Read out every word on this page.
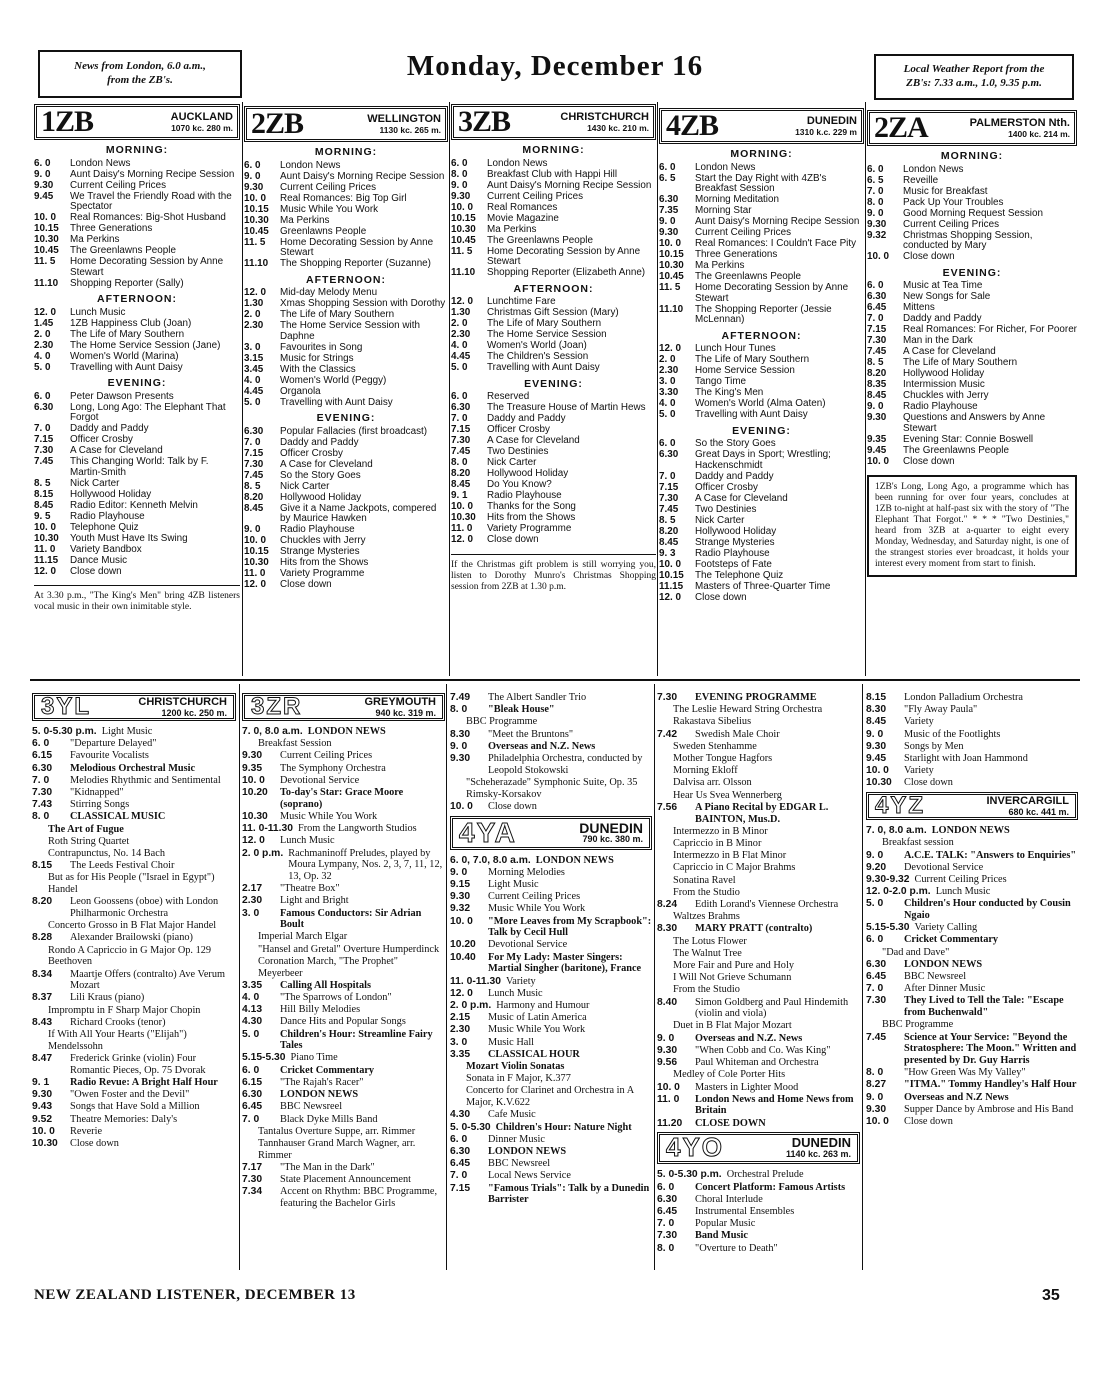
News from London, 6.0 a.m.,
from the ZB's.	Monday, December 16	Local Weather Report from the
ZB's: 7.33 a.m., 1.0, 9.35 p.m.
1ZB	AUCKLAND
1070 kc. 280 m.
MORNING:
6. 0	London News
9. 0	Aunt Daisy's Morning Recipe Session
9.30	Current Ceiling Prices
9.45	We Travel the Friendly Road with the Spectator
10. 0	Real Romances: Big-Shot Husband
10.15	Three Generations
10.30	Ma Perkins
10.45	The Greenlawns People
11. 5	Home Decorating Session by Anne Stewart
11.10	Shopping Reporter (Sally)
AFTERNOON:
12. 0	Lunch Music
1.45	1ZB Happiness Club (Joan)
2. 0	The Life of Mary Southern
2.30	The Home Service Session (Jane)
4. 0	Women's World (Marina)
5. 0	Travelling with Aunt Daisy
EVENING:
6. 0	Peter Dawson Presents
6.30	Long, Long Ago: The Elephant That Forgot
7. 0	Daddy and Paddy
7.15	Officer Crosby
7.30	A Case for Cleveland
7.45	This Changing World: Talk by F. Martin-Smith
8. 5	Nick Carter
8.15	Hollywood Holiday
8.45	Radio Editor: Kenneth Melvin
9. 5	Radio Playhouse
10. 0	Telephone Quiz
10.30	Youth Must Have Its Swing
11. 0	Variety Bandbox
11.15	Dance Music
12. 0	Close down
At 3.30 p.m., "The King's Men" bring 4ZB listeners vocal music in their own inimitable style.
2ZB	WELLINGTON
1130 kc. 265 m.
MORNING:
6. 0	London News
9. 0	Aunt Daisy's Morning Recipe Session
9.30	Current Ceiling Prices
10. 0	Real Romances: Big Top Girl
10.15	Music While You Work
10.30	Ma Perkins
10.45	Greenlawns People
11. 5	Home Decorating Session by Anne Stewart
11.10	The Shopping Reporter (Suzanne)
AFTERNOON:
12. 0	Mid-day Melody Menu
1.30	Xmas Shopping Session with Dorothy
2. 0	The Life of Mary Southern
2.30	The Home Service Session with Daphne
3. 0	Favourites in Song
3.15	Music for Strings
3.45	With the Classics
4. 0	Women's World (Peggy)
4.45	Organola
5. 0	Travelling with Aunt Daisy
EVENING:
6.30	Popular Fallacies (first broadcast)
7. 0	Daddy and Paddy
7.15	Officer Crosby
7.30	A Case for Cleveland
7.45	So the Story Goes
8. 5	Nick Carter
8.20	Hollywood Holiday
8.45	Give it a Name Jackpots, compered by Maurice Hawken
9. 0	Radio Playhouse
10. 0	Chuckles with Jerry
10.15	Strange Mysteries
10.30	Hits from the Shows
11. 0	Variety Programme
12. 0	Close down
3ZB	CHRISTCHURCH
1430 kc. 210 m.
MORNING:
6. 0	London News
8. 0	Breakfast Club with Happi Hill
9. 0	Aunt Daisy's Morning Recipe Session
9.30	Current Ceiling Prices
10. 0	Real Romances
10.15	Movie Magazine
10.30	Ma Perkins
10.45	The Greenlawns People
11. 5	Home Decorating Session by Anne Stewart
11.10	Shopping Reporter (Elizabeth Anne)
AFTERNOON:
12. 0	Lunchtime Fare
1.30	Christmas Gift Session (Mary)
2. 0	The Life of Mary Southern
2.30	The Home Service Session
4. 0	Women's World (Joan)
4.45	The Children's Session
5. 0	Travelling with Aunt Daisy
EVENING:
6. 0	Reserved
6.30	The Treasure House of Martin Hews
7. 0	Daddy and Paddy
7.15	Officer Crosby
7.30	A Case for Cleveland
7.45	Two Destinies
8. 0	Nick Carter
8.20	Hollywood Holiday
8.45	Do You Know?
9. 1	Radio Playhouse
10. 0	Thanks for the Song
10.30	Hits from the Shows
11. 0	Variety Programme
12. 0	Close down
If the Christmas gift problem is still worrying you, listen to Dorothy Munro's Christmas Shopping session from 2ZB at 1.30 p.m.
4ZB	DUNEDIN
1310 k.c. 229 m
MORNING:
6. 0	London News
6. 5	Start the Day Right with 4ZB's Breakfast Session
6.30	Morning Meditation
7.35	Morning Star
9. 0	Aunt Daisy's Morning Recipe Session
9.30	Current Ceiling Prices
10. 0	Real Romances: I Couldn't Face Pity
10.15	Three Generations
10.30	Ma Perkins
10.45	The Greenlawns People
11. 5	Home Decorating Session by Anne Stewart
11.10	The Shopping Reporter (Jessie McLennan)
AFTERNOON:
12. 0	Lunch Hour Tunes
2. 0	The Life of Mary Southern
2.30	Home Service Session
3. 0	Tango Time
3.30	The King's Men
4. 0	Women's World (Alma Oaten)
5. 0	Travelling with Aunt Daisy
EVENING:
6. 0	So the Story Goes
6.30	Great Days in Sport; Wrestling; Hackenschmidt
7. 0	Daddy and Paddy
7.15	Officer Crosby
7.30	A Case for Cleveland
7.45	Two Destinies
8. 5	Nick Carter
8.20	Hollywood Holiday
8.45	Strange Mysteries
9. 3	Radio Playhouse
10. 0	Footsteps of Fate
10.15	The Telephone Quiz
11.15	Masters of Three-Quarter Time
12. 0	Close down
2ZA	PALMERSTON Nth.
1400 kc. 214 m.
MORNING:
6. 0	London News
6. 5	Reveille
7. 0	Music for Breakfast
8. 0	Pack Up Your Troubles
9. 0	Good Morning Request Session
9.30	Current Ceiling Prices
9.32	Christmas Shopping Session, conducted by Mary
10. 0	Close down
EVENING:
6. 0	Music at Tea Time
6.30	New Songs for Sale
6.45	Mittens
7. 0	Daddy and Paddy
7.15	Real Romances: For Richer, For Poorer
7.30	Man in the Dark
7.45	A Case for Cleveland
8. 5	The Life of Mary Southern
8.20	Hollywood Holiday
8.35	Intermission Music
8.45	Chuckles with Jerry
9. 0	Radio Playhouse
9.30	Questions and Answers by Anne Stewart
9.35	Evening Star: Connie Boswell
9.45	The Greenlawns People
10. 0	Close down
1ZB's Long, Long Ago, a programme which has been running for over four years, concludes at 1ZB to-night at half-past six with the story of "The Elephant That Forgot." * * * "Two Destinies," heard from 3ZB at a-quarter to eight every Monday, Wednesday, and Saturday night, is one of the strangest stories ever broadcast, it holds your interest every moment from start to finish.
3YL	CHRISTCHURCH
1200 kc. 250 m.
5. 0-5.30 p.m. Light Music
6. 0	"Departure Delayed"
6.15	Favourite Vocalists
6.30	Melodious Orchestral Music
7. 0	Melodies Rhythmic and Sentimental
7.30	"Kidnapped"
7.43	Stirring Songs
8. 0	CLASSICAL MUSIC
The Art of Fugue
Roth String Quartet
Contrapunctus, No. 14 Bach
8.15	The Leeds Festival Choir
But as for His People ("Israel in Egypt") Handel
8.20	Leon Goossens (oboe) with London Philharmonic Orchestra
Concerto Grosso in B Flat Major Handel
8.28	Alexander Brailowski (piano)
Rondo A Capriccio in G Major Op. 129 Beethoven
8.34	Maartje Offers (contralto) Ave Verum Mozart
8.37	Lili Kraus (piano)
Impromptu in F Sharp Major Chopin
8.43	Richard Crooks (tenor)
If With All Your Hearts ("Elijah") Mendelssohn
8.47	Frederick Grinke (violin) Four Romantic Pieces, Op. 75 Dvorak
9. 1	Radio Revue: A Bright Half Hour
9.30	"Owen Foster and the Devil"
9.43	Songs that Have Sold a Million
9.52	Theatre Memories: Daly's
10. 0	Reverie
10.30	Close down
3ZR	GREYMOUTH
940 kc. 319 m.
7. 0, 8.0 a.m. LONDON NEWS
Breakfast Session
9.30	Current Ceiling Prices
9.35	The Symphony Orchestra
10. 0	Devotional Service
10.20	To-day's Star: Grace Moore (soprano)
10.30	Music While You Work
11. 0-11.30 From the Langworth Studios
12. 0	Lunch Music
2. 0 p.m. Rachmaninoff Preludes, played by Moura Lympany, Nos. 2, 3, 7, 11, 12, 13, Op. 32
2.17	"Theatre Box"
2.30	Light and Bright
3. 0	Famous Conductors: Sir Adrian Boult
Imperial March Elgar
"Hansel and Gretal" Overture Humperdinck
Coronation March, "The Prophet" Meyerbeer
3.35	Calling All Hospitals
4. 0	"The Sparrows of London"
4.13	Hill Billy Melodies
4.30	Dance Hits and Popular Songs
5. 0	Children's Hour: Streamline Fairy Tales
5.15-5.30 Piano Time
6. 0	Cricket Commentary
6.15	"The Rajah's Racer"
6.30	LONDON NEWS
6.45	BBC Newsreel
7. 0	Black Dyke Mills Band
Tantalus Overture Suppe, arr. Rimmer
Tannhauser Grand March Wagner, arr. Rimmer
7.17	"The Man in the Dark"
7.30	State Placement Announcement
7.34	Accent on Rhythm: BBC Programme, featuring the Bachelor Girls
7.49	The Albert Sandler Trio
8. 0	"Bleak House"
BBC Programme
8.30	"Meet the Bruntons"
9. 0	Overseas and N.Z. News
9.30	Philadelphia Orchestra, conducted by Leopold Stokowski
"Scheherazade" Symphonic Suite, Op. 35 Rimsky-Korsakov
10. 0	Close down
4YA	DUNEDIN
790 kc. 380 m.
6. 0, 7.0, 8.0 a.m. LONDON NEWS
9. 0	Morning Melodies
9.15	Light Music
9.30	Current Ceiling Prices
9.32	Music While You Work
10. 0	"More Leaves from My Scrapbook": Talk by Cecil Hull
10.20	Devotional Service
10.40	For My Lady: Master Singers: Martial Singher (baritone), France
11. 0-11.30 Variety
12. 0	Lunch Music
2. 0 p.m. Harmony and Humour
2.15	Music of Latin America
2.30	Music While You Work
3. 0	Music Hall
3.35	CLASSICAL HOUR
Mozart Violin Sonatas
Sonata in F Major, K.377
Concerto for Clarinet and Orchestra in A Major, K.V.622
4.30	Cafe Music
5. 0-5.30 Children's Hour: Nature Night
6. 0	Dinner Music
6.30	LONDON NEWS
6.45	BBC Newsreel
7. 0	Local News Service
7.15	"Famous Trials": Talk by a Dunedin Barrister
7.30	EVENING PROGRAMME
The Leslie Heward String Orchestra
Rakastava Sibelius
7.42	Swedish Male Choir
Sweden Stenhamme
Mother Tongue Hagfors
Morning Ekloff
Dalvisa arr. Olsson
Hear Us Svea Wennerberg
7.56	A Piano Recital by EDGAR L. BAINTON, Mus.D.
Intermezzo in B Minor
Capriccio in B Minor
Intermezzo in B Flat Minor
Capriccio in C Major Brahms
Sonatina Ravel
From the Studio
8.24	Edith Lorand's Viennese Orchestra
Waltzes Brahms
8.30	MARY PRATT (contralto)
The Lotus Flower
The Walnut Tree
More Fair and Pure and Holy
I Will Not Grieve Schumann
From the Studio
8.40	Simon Goldberg and Paul Hindemith (violin and viola)
Duet in B Flat Major Mozart
9. 0	Overseas and N.Z. News
9.30	"When Cobb and Co. Was King"
9.56	Paul Whiteman and Orchestra
Medley of Cole Porter Hits
10. 0	Masters in Lighter Mood
11. 0	London News and Home News from Britain
11.20	CLOSE DOWN
4YO	DUNEDIN
1140 kc. 263 m.
5. 0-5.30 p.m. Orchestral Prelude
6. 0	Concert Platform: Famous Artists
6.30	Choral Interlude
6.45	Instrumental Ensembles
7. 0	Popular Music
7.30	Band Music
8. 0	"Overture to Death"
8.15	London Palladium Orchestra
8.30	"Fly Away Paula"
8.45	Variety
9. 0	Music of the Footlights
9.30	Songs by Men
9.45	Starlight with Joan Hammond
10. 0	Variety
10.30	Close down
4YZ	INVERCARGILL
680 kc. 441 m.
7. 0, 8.0 a.m. LONDON NEWS
Breakfast session
9. 0	A.C.E. TALK: "Answers to Enquiries"
9.20	Devotional Service
9.30-9.32 Current Ceiling Prices
12. 0-2.0 p.m. Lunch Music
5. 0	Children's Hour conducted by Cousin Ngaio
5.15-5.30 Variety Calling
6. 0	Cricket Commentary
"Dad and Dave"
6.30	LONDON NEWS
6.45	BBC Newsreel
7. 0	After Dinner Music
7.30	They Lived to Tell the Tale: "Escape from Buchenwald"
BBC Programme
7.45	Science at Your Service: "Beyond the Stratosphere: The Moon." Written and presented by Dr. Guy Harris
8. 0	"How Green Was My Valley"
8.27	"ITMA." Tommy Handley's Half Hour
9. 0	Overseas and N.Z News
9.30	Supper Dance by Ambrose and His Band
10. 0	Close down
NEW ZEALAND LISTENER, DECEMBER 13	35
